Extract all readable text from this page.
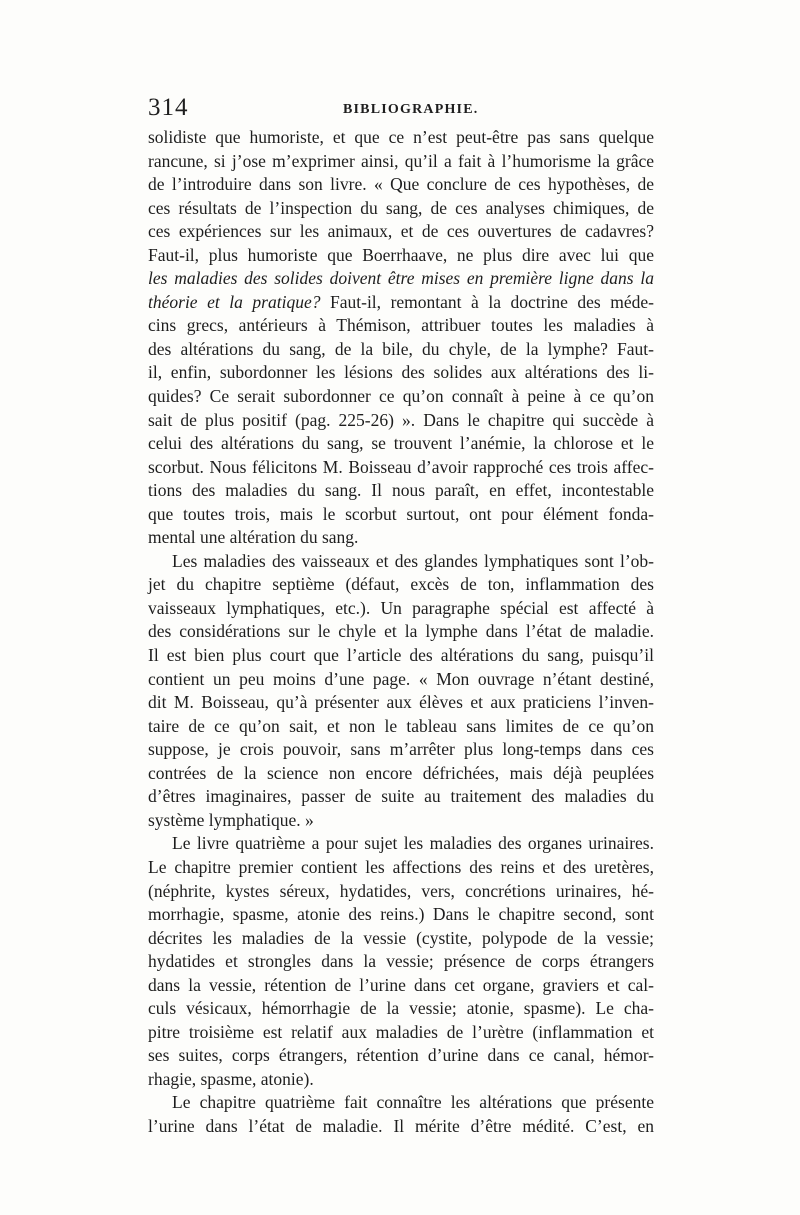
314	BIBLIOGRAPHIE.
solidiste que humoriste, et que ce n’est peut-être pas sans quelque
rancune, si j’ose m’exprimer ainsi, qu’il a fait à l’humorisme la grâce
de l’introduire dans son livre. « Que conclure de ces hypothèses, de
ces résultats de l’inspection du sang, de ces analyses chimiques, de
ces expériences sur les animaux, et de ces ouvertures de cadavres?
Faut-il, plus humoriste que Boerrhaave, ne plus dire avec lui que
les maladies des solides doivent être mises en première ligne dans la
théorie et la pratique? Faut-il, remontant à la doctrine des méde-
cins grecs, antérieurs à Thémison, attribuer toutes les maladies à
des altérations du sang, de la bile, du chyle, de la lymphe? Faut-
il, enfin, subordonner les lésions des solides aux altérations des li-
quides? Ce serait subordonner ce qu’on connaît à peine à ce qu’on
sait de plus positif (pag. 225-26) ». Dans le chapitre qui succède à
celui des altérations du sang, se trouvent l’anémie, la chlorose et le
scorbut. Nous félicitons M. Boisseau d’avoir rapproché ces trois affec-
tions des maladies du sang. Il nous paraît, en effet, incontestable
que toutes trois, mais le scorbut surtout, ont pour élément fonda-
mental une altération du sang.
Les maladies des vaisseaux et des glandes lymphatiques sont l’ob-
jet du chapitre septième (défaut, excès de ton, inflammation des
vaisseaux lymphatiques, etc.). Un paragraphe spécial est affecté à
des considérations sur le chyle et la lymphe dans l’état de maladie.
Il est bien plus court que l’article des altérations du sang, puisqu’il
contient un peu moins d’une page. « Mon ouvrage n’étant destiné,
dit M. Boisseau, qu’à présenter aux élèves et aux praticiens l’inven-
taire de ce qu’on sait, et non le tableau sans limites de ce qu’on
suppose, je crois pouvoir, sans m’arrêter plus long-temps dans ces
contrées de la science non encore défrichées, mais déjà peuplées
d’êtres imaginaires, passer de suite au traitement des maladies du
système lymphatique. »
Le livre quatrième a pour sujet les maladies des organes urinaires.
Le chapitre premier contient les affections des reins et des uretères,
(néphrite, kystes séreux, hydatides, vers, concrétions urinaires, hé-
morrhagie, spasme, atonie des reins.) Dans le chapitre second, sont
décrites les maladies de la vessie (cystite, polypode de la vessie;
hydatides et strongles dans la vessie; présence de corps étrangers
dans la vessie, rétention de l’urine dans cet organe, graviers et cal-
culs vésicaux, hémorrhagie de la vessie; atonie, spasme). Le cha-
pitre troisième est relatif aux maladies de l’urètre (inflammation et
ses suites, corps étrangers, rétention d’urine dans ce canal, hémor-
rhagie, spasme, atonie).
Le chapitre quatrième fait connaître les altérations que présente
l’urine dans l’état de maladie. Il mérite d’être médité. C’est, en
